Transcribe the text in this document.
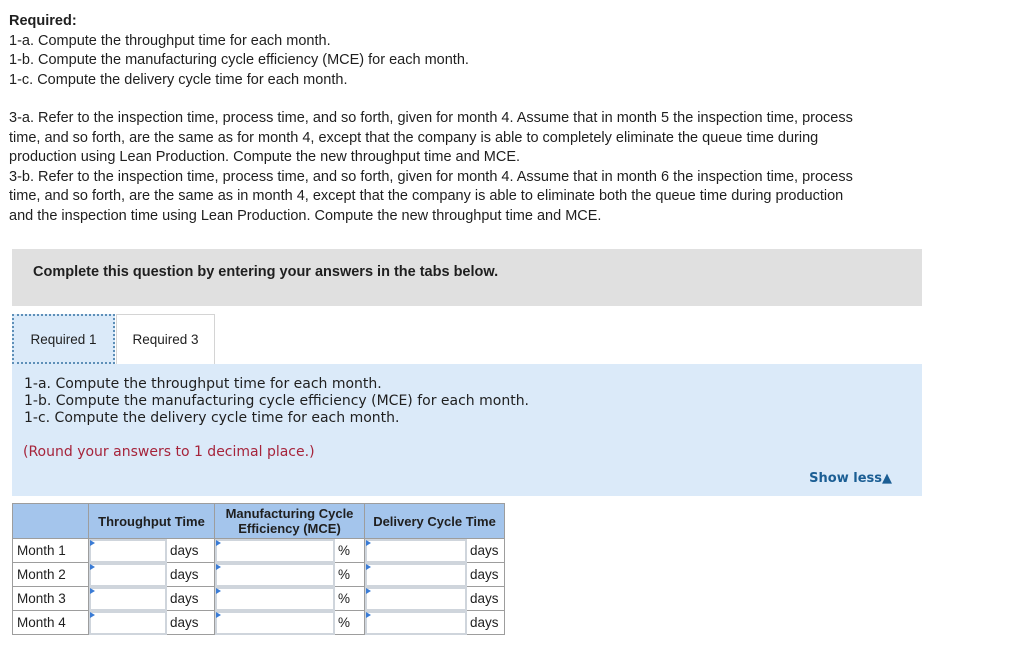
Required:
1-a. Compute the throughput time for each month.
1-b. Compute the manufacturing cycle efficiency (MCE) for each month.
1-c. Compute the delivery cycle time for each month.
3-a. Refer to the inspection time, process time, and so forth, given for month 4. Assume that in month 5 the inspection time, process
time, and so forth, are the same as for month 4, except that the company is able to completely eliminate the queue time during
production using Lean Production. Compute the new throughput time and MCE.
3-b. Refer to the inspection time, process time, and so forth, given for month 4. Assume that in month 6 the inspection time, process
time, and so forth, are the same as in month 4, except that the company is able to eliminate both the queue time during production
and the inspection time using Lean Production. Compute the new throughput time and MCE.
Complete this question by entering your answers in the tabs below.
Required 1	Required 3
1-a. Compute the throughput time for each month.
1-b. Compute the manufacturing cycle efficiency (MCE) for each month.
1-c. Compute the delivery cycle time for each month.
(Round your answers to 1 decimal place.)
Show less▲
	Throughput Time		Manufacturing Cycle Efficiency (MCE)		Delivery Cycle Time	
Month 1		days		%		days
Month 2		days		%		days
Month 3		days		%		days
Month 4		days		%		days
